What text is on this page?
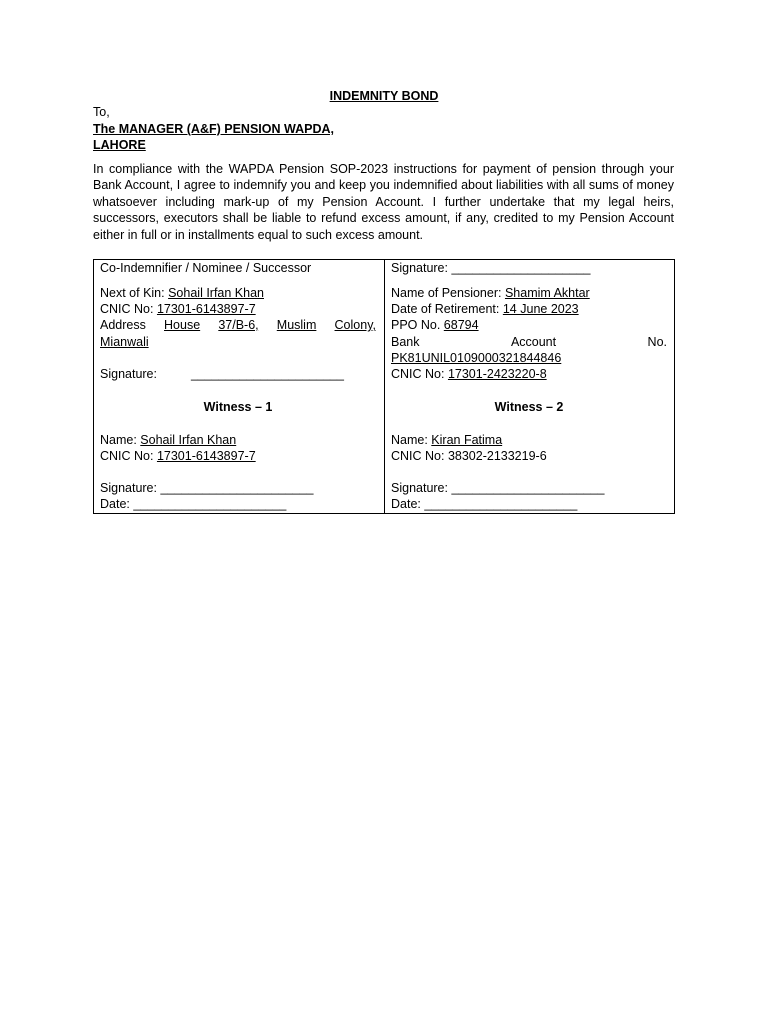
INDEMNITY BOND
To,
The MANAGER (A&F) PENSION WAPDA,
LAHORE
In compliance with the WAPDA Pension SOP-2023 instructions for payment of pension through your Bank Account, I agree to indemnify you and keep you indemnified about liabilities with all sums of money whatsoever including mark-up of my Pension Account. I further undertake that my legal heirs, successors, executors shall be liable to refund excess amount, if any, credited to my Pension Account either in full or in installments equal to such excess amount.
Co-Indemnifier / Nominee / Successor
Next of Kin: Sohail Irfan Khan
CNIC No: 17301-6143897-7
Address House 37/B-6, Muslim Colony,
Mianwali
Signature:	______________________
Witness – 1
Name: Sohail Irfan Khan
CNIC No: 17301-6143897-7
Signature: ______________________
Date: ______________________
Signature: ____________________
Name of Pensioner: Shamim Akhtar
Date of Retirement: 14 June 2023
PPO No. 68794
Bank	Account	No.
PK81UNIL0109000321844846
CNIC No: 17301-2423220-8
Witness – 2
Name: Kiran Fatima
CNIC No: 38302-2133219-6
Signature: ______________________
Date: ______________________
